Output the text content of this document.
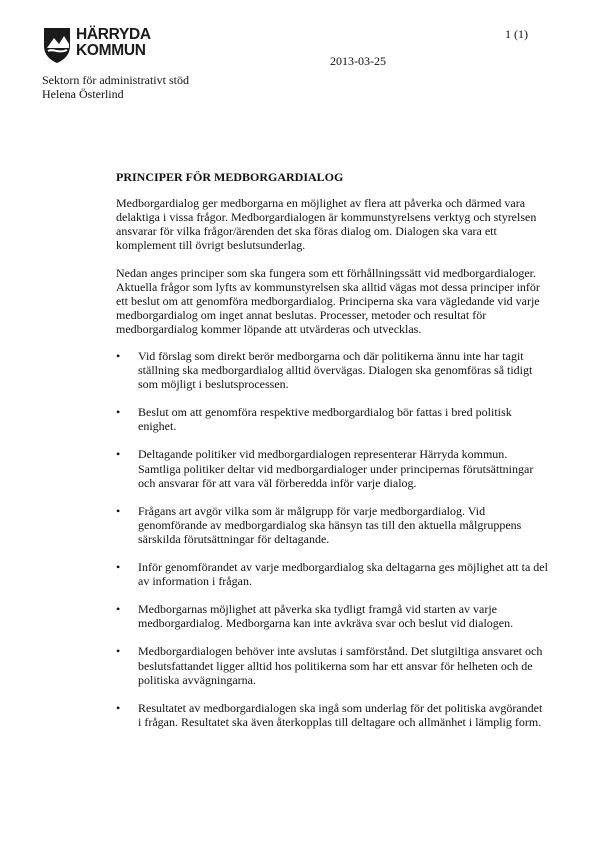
HÄRRYDA
KOMMUN
1 (1)
2013-03-25
Sektorn för administrativt stöd
Helena Österlind
PRINCIPER FÖR MEDBORGARDIALOG

Medborgardialog ger medborgarna en möjlighet av flera att påverka och därmed vara delaktiga i vissa frågor. Medborgardialogen är kommunstyrelsens verktyg och styrelsen ansvarar för vilka frågor/ärenden det ska föras dialog om. Dialogen ska vara ett komplement till övrigt beslutsunderlag.

Nedan anges principer som ska fungera som ett förhållningssätt vid medborgardialoger. Aktuella frågor som lyfts av kommunstyrelsen ska alltid vägas mot dessa principer inför ett beslut om att genomföra medborgardialog. Principerna ska vara vägledande vid varje medborgardialog om inget annat beslutas. Processer, metoder och resultat för medborgardialog kommer löpande att utvärderas och utvecklas.

• Vid förslag som direkt berör medborgarna och där politikerna ännu inte har tagit ställning ska medborgardialog alltid övervägas. Dialogen ska genomföras så tidigt som möjligt i beslutsprocessen.
• Beslut om att genomföra respektive medborgardialog bör fattas i bred politisk enighet.
• Deltagande politiker vid medborgardialogen representerar Härryda kommun. Samtliga politiker deltar vid medborgardialoger under principernas förutsättningar och ansvarar för att vara väl förberedda inför varje dialog.
• Frågans art avgör vilka som är målgrupp för varje medborgardialog. Vid genomförande av medborgardialog ska hänsyn tas till den aktuella målgruppens särskilda förutsättningar för deltagande.
• Inför genomförandet av varje medborgardialog ska deltagarna ges möjlighet att ta del av information i frågan.
• Medborgarnas möjlighet att påverka ska tydligt framgå vid starten av varje medborgardialog. Medborgarna kan inte avkräva svar och beslut vid dialogen.
• Medborgardialogen behöver inte avslutas i samförstånd. Det slutgiltiga ansvaret och beslutsfattandet ligger alltid hos politikerna som har ett ansvar för helheten och de politiska avvägningarna.
• Resultatet av medborgardialogen ska ingå som underlag för det politiska avgörandet i frågan. Resultatet ska även återkopplas till deltagare och allmänhet i lämplig form.
